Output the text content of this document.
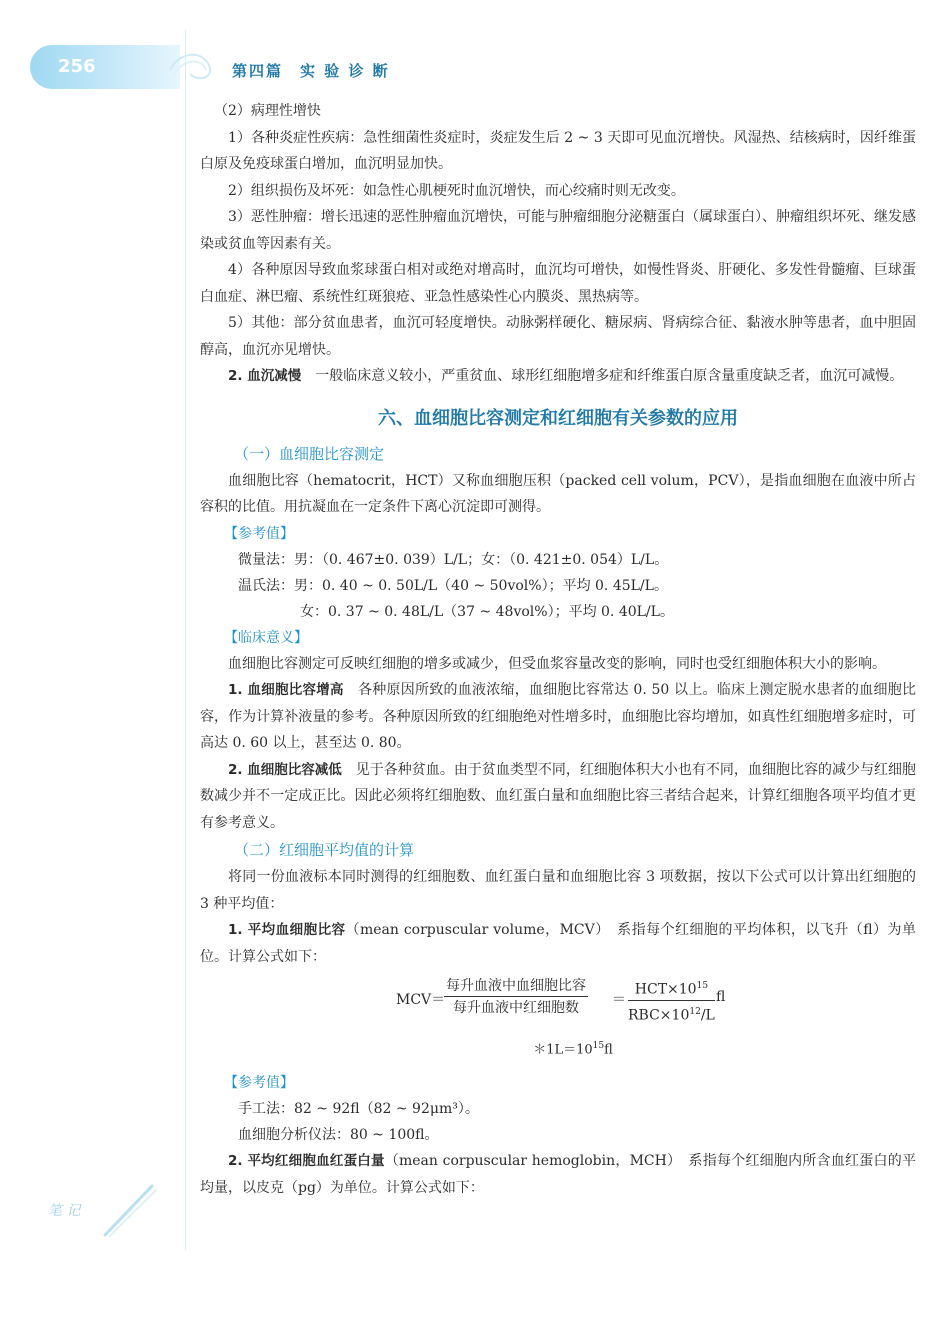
256	第四篇　实 验 诊 断

（2）病理性增快

1）各种炎症性疾病：急性细菌性炎症时，炎症发生后 2 ~ 3 天即可见血沉增快。风湿热、结核病时，因纤维蛋白原及免疫球蛋白增加，血沉明显加快。

2）组织损伤及坏死：如急性心肌梗死时血沉增快，而心绞痛时则无改变。

3）恶性肿瘤：增长迅速的恶性肿瘤血沉增快，可能与肿瘤细胞分泌糖蛋白（属球蛋白）、肿瘤组织坏死、继发感染或贫血等因素有关。

4）各种原因导致血浆球蛋白相对或绝对增高时，血沉均可增快，如慢性肾炎、肝硬化、多发性骨髓瘤、巨球蛋白血症、淋巴瘤、系统性红斑狼疮、亚急性感染性心内膜炎、黑热病等。

5）其他：部分贫血患者，血沉可轻度增快。动脉粥样硬化、糖尿病、肾病综合征、黏液水肿等患者，血中胆固醇高，血沉亦见增快。

2. 血沉减慢　一般临床意义较小，严重贫血、球形红细胞增多症和纤维蛋白原含量重度缺乏者，血沉可减慢。

六、血细胞比容测定和红细胞有关参数的应用
（一）血细胞比容测定

血细胞比容（hematocrit，HCT）又称血细胞压积（packed cell volum，PCV），是指血细胞在血液中所占容积的比值。用抗凝血在一定条件下离心沉淀即可测得。

【参考值】
微量法：男：（0. 467±0. 039）L/L；女：（0. 421±0. 054）L/L。
温氏法：男：0. 40 ~ 0. 50L/L（40 ~ 50vol%）；平均 0. 45L/L。
女：0. 37 ~ 0. 48L/L（37 ~ 48vol%）；平均 0. 40L/L。
【临床意义】

血细胞比容测定可反映红细胞的增多或减少，但受血浆容量改变的影响，同时也受红细胞体积大小的影响。

1. 血细胞比容增高　各种原因所致的血液浓缩，血细胞比容常达 0. 50 以上。临床上测定脱水患者的血细胞比容，作为计算补液量的参考。各种原因所致的红细胞绝对性增多时，血细胞比容均增加，如真性红细胞增多症时，可高达 0. 60 以上，甚至达 0. 80。

2. 血细胞比容减低　见于各种贫血。由于贫血类型不同，红细胞体积大小也有不同，血细胞比容的减少与红细胞数减少并不一定成正比。因此必须将红细胞数、血红蛋白量和血细胞比容三者结合起来，计算红细胞各项平均值才更有参考意义。

（二）红细胞平均值的计算

将同一份血液标本同时测得的红细胞数、血红蛋白量和血细胞比容 3 项数据，按以下公式可以计算出红细胞的 3 种平均值：

1. 平均血细胞比容（mean corpuscular volume，MCV）　系指每个红细胞的平均体积，以飞升（fl）为单位。计算公式如下：

MCV＝
每升血液中血细胞比容
每升血液中红细胞数	＝
$HCT\times 10^{15}$
$RBC\times 10^{12}/L$
fl
$*1L=10^{15}fl$
【参考值】
手工法：82 ~ 92fl（82 ~ 92μm³）。
血细胞分析仪法：80 ~ 100fl。

2. 平均红细胞血红蛋白量（mean corpuscular hemoglobin，MCH）　系指每个红细胞内所含血红蛋白的平均量，以皮克（pg）为单位。计算公式如下：

笔 记
